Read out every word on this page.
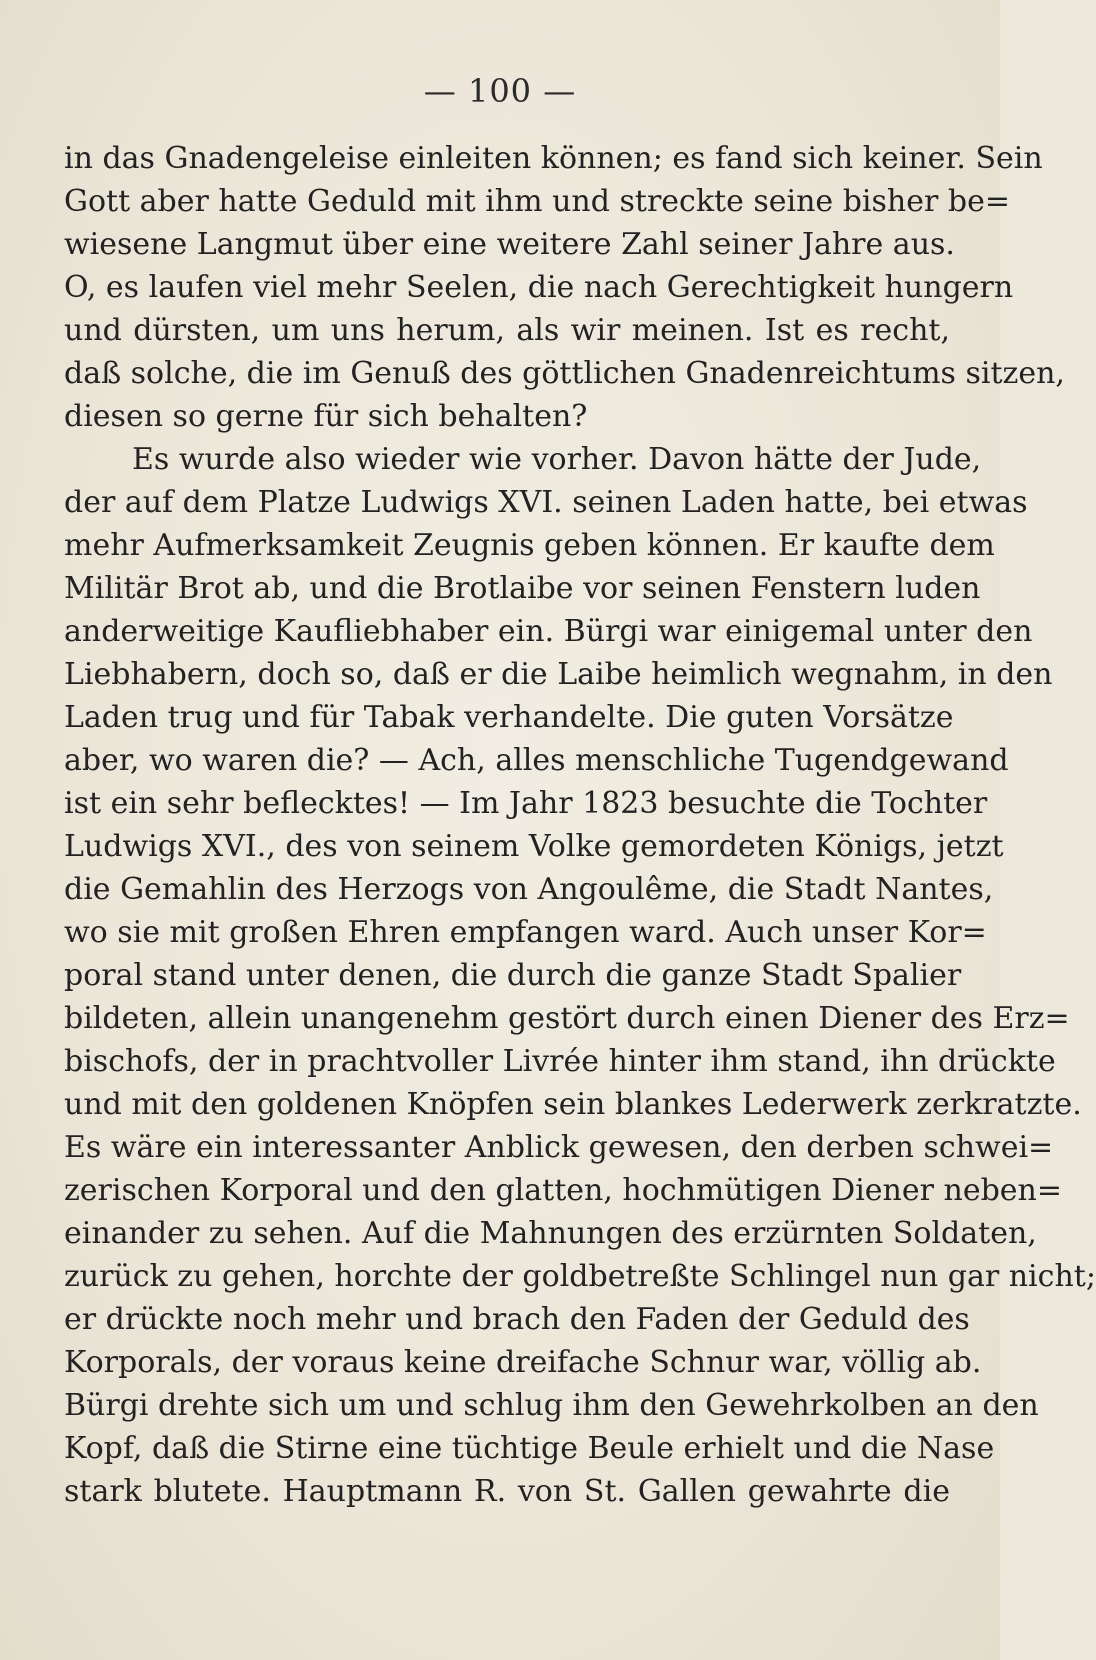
— 100 —
in das Gnadengeleise einleiten können; es fand sich keiner. Sein
Gott aber hatte Geduld mit ihm und streckte seine bisher be=
wiesene Langmut über eine weitere Zahl seiner Jahre aus.
O, es laufen viel mehr Seelen, die nach Gerechtigkeit hungern
und dürsten, um uns herum, als wir meinen. Ist es recht,
daß solche, die im Genuß des göttlichen Gnadenreichtums sitzen,
diesen so gerne für sich behalten?
Es wurde also wieder wie vorher. Davon hätte der Jude,
der auf dem Platze Ludwigs XVI. seinen Laden hatte, bei etwas
mehr Aufmerksamkeit Zeugnis geben können. Er kaufte dem
Militär Brot ab, und die Brotlaibe vor seinen Fenstern luden
anderweitige Kaufliebhaber ein. Bürgi war einigemal unter den
Liebhabern, doch so, daß er die Laibe heimlich wegnahm, in den
Laden trug und für Tabak verhandelte. Die guten Vorsätze
aber, wo waren die? — Ach, alles menschliche Tugendgewand
ist ein sehr beflecktes! — Im Jahr 1823 besuchte die Tochter
Ludwigs XVI., des von seinem Volke gemordeten Königs, jetzt
die Gemahlin des Herzogs von Angoulême, die Stadt Nantes,
wo sie mit großen Ehren empfangen ward. Auch unser Kor=
poral stand unter denen, die durch die ganze Stadt Spalier
bildeten, allein unangenehm gestört durch einen Diener des Erz=
bischofs, der in prachtvoller Livrée hinter ihm stand, ihn drückte
und mit den goldenen Knöpfen sein blankes Lederwerk zerkratzte.
Es wäre ein interessanter Anblick gewesen, den derben schwei=
zerischen Korporal und den glatten, hochmütigen Diener neben=
einander zu sehen. Auf die Mahnungen des erzürnten Soldaten,
zurück zu gehen, horchte der goldbetreßte Schlingel nun gar nicht;
er drückte noch mehr und brach den Faden der Geduld des
Korporals, der voraus keine dreifache Schnur war, völlig ab.
Bürgi drehte sich um und schlug ihm den Gewehrkolben an den
Kopf, daß die Stirne eine tüchtige Beule erhielt und die Nase
stark blutete. Hauptmann R. von St. Gallen gewahrte die
